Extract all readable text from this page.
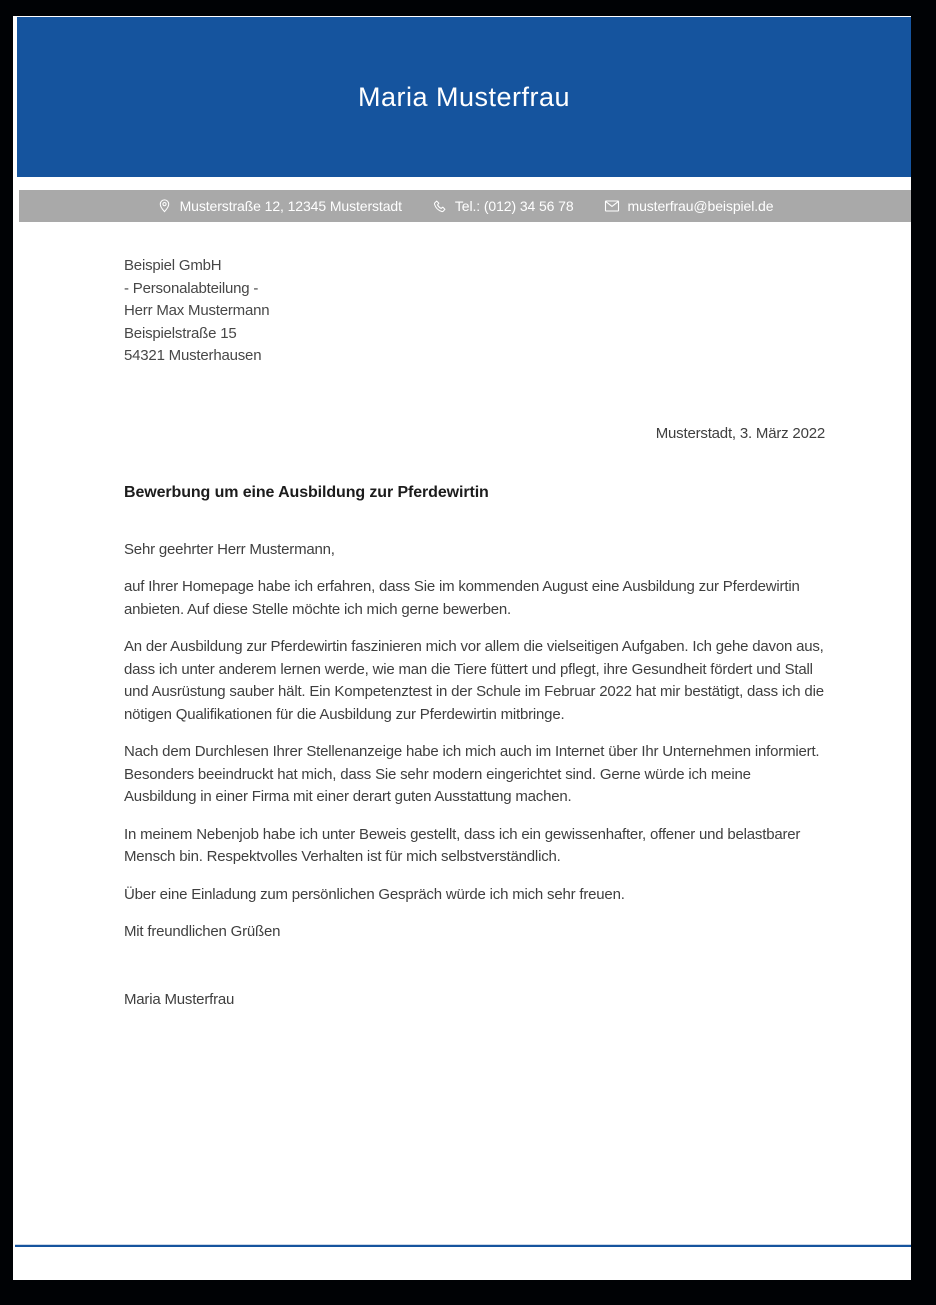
Maria Musterfrau
Musterstraße 12, 12345 Musterstadt	Tel.: (012) 34 56 78	musterfrau@beispiel.de
Beispiel GmbH
- Personalabteilung -
Herr Max Mustermann
Beispielstraße 15
54321 Musterhausen
Musterstadt, 3. März 2022
Bewerbung um eine Ausbildung zur Pferdewirtin
Sehr geehrter Herr Mustermann,
auf Ihrer Homepage habe ich erfahren, dass Sie im kommenden August eine Ausbildung zur Pferdewirtin anbieten. Auf diese Stelle möchte ich mich gerne bewerben.
An der Ausbildung zur Pferdewirtin faszinieren mich vor allem die vielseitigen Aufgaben. Ich gehe davon aus, dass ich unter anderem lernen werde, wie man die Tiere füttert und pflegt, ihre Gesundheit fördert und Stall und Ausrüstung sauber hält. Ein Kompetenztest in der Schule im Februar 2022 hat mir bestätigt, dass ich die nötigen Qualifikationen für die Ausbildung zur Pferdewirtin mitbringe.
Nach dem Durchlesen Ihrer Stellenanzeige habe ich mich auch im Internet über Ihr Unternehmen informiert. Besonders beeindruckt hat mich, dass Sie sehr modern eingerichtet sind. Gerne würde ich meine Ausbildung in einer Firma mit einer derart guten Ausstattung machen.
In meinem Nebenjob habe ich unter Beweis gestellt, dass ich ein gewissenhafter, offener und belastbarer Mensch bin. Respektvolles Verhalten ist für mich selbstverständlich.
Über eine Einladung zum persönlichen Gespräch würde ich mich sehr freuen.
Mit freundlichen Grüßen
Maria Musterfrau
